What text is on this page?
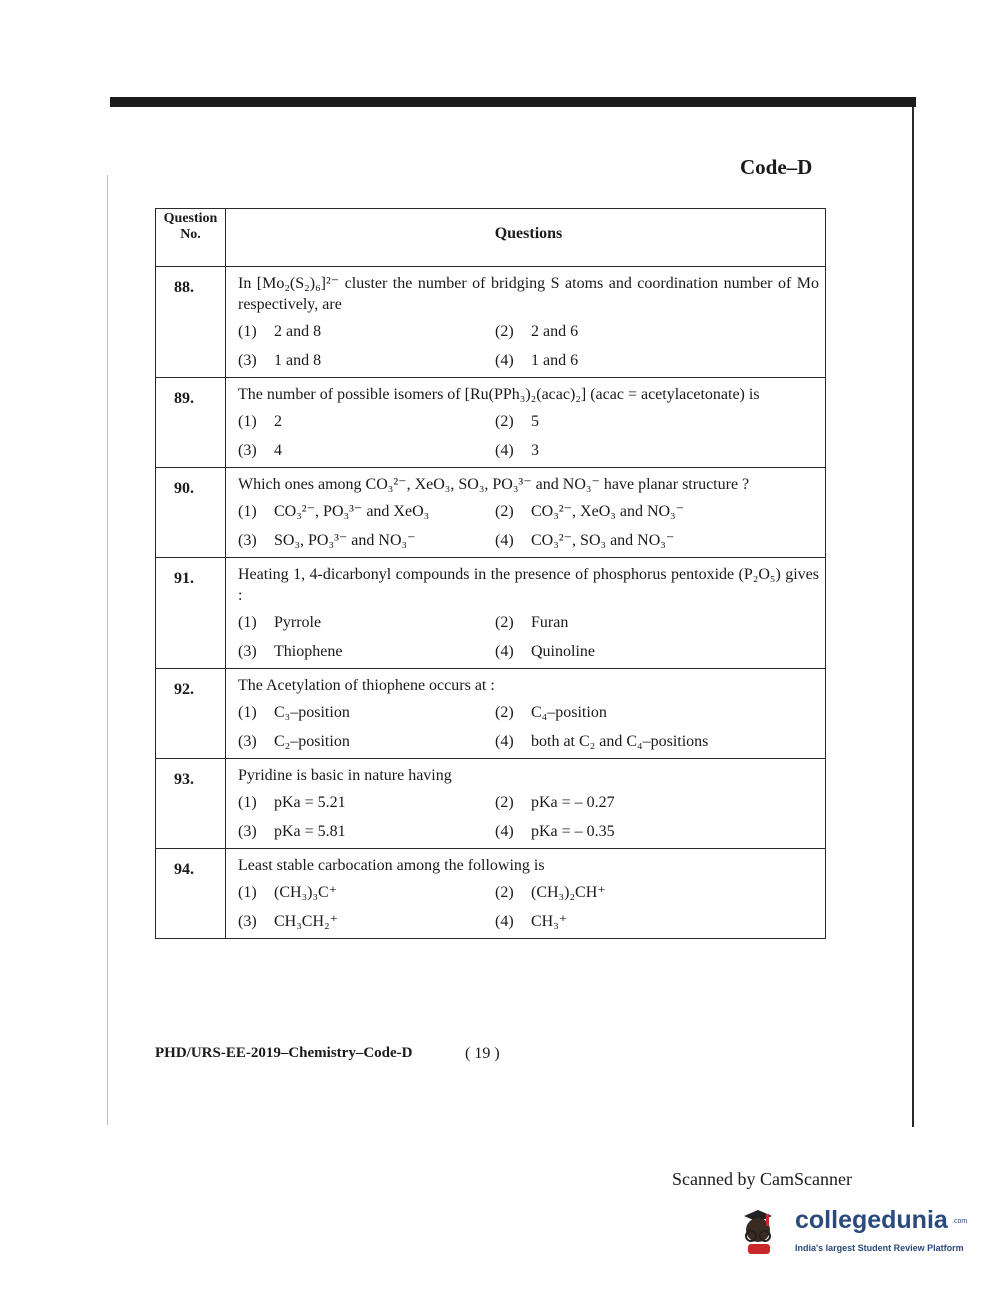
Code–D
Question No.	Questions
88.	In [Mo₂(S₂)₆]²⁻ cluster the number of bridging S atoms and coordination number of Mo respectively, are
(1) 2 and 8 (2) 2 and 6
(3) 1 and 8 (4) 1 and 6

89.	The number of possible isomers of [Ru(PPh₃)₂(acac)₂] (acac = acetylacetonate) is
(1) 2 (2) 5
(3) 4 (4) 3

90.	Which ones among CO₃²⁻, XeO₃, SO₃, PO₃³⁻ and NO₃⁻ have planar structure ?
(1) CO₃²⁻, PO₃³⁻ and XeO₃ (2) CO₃²⁻, XeO₃ and NO₃⁻
(3) SO₃, PO₃³⁻ and NO₃⁻ (4) CO₃²⁻, SO₃ and NO₃⁻

91.	Heating 1, 4-dicarbonyl compounds in the presence of phosphorus pentoxide (P₂O₅) gives :
(1) Pyrrole (2) Furan
(3) Thiophene (4) Quinoline

92.	The Acetylation of thiophene occurs at :
(1) C₃–position (2) C₄–position
(3) C₂–position (4) both at C₂ and C₄–positions

93.	Pyridine is basic in nature having
(1) pKa = 5.21 (2) pKa = – 0.27
(3) pKa = 5.81 (4) pKa = – 0.35

94.	Least stable carbocation among the following is
(1) (CH₃)₃C⁺ (2) (CH₃)₂CH⁺
(3) CH₃CH₂⁺ (4) CH₃⁺
PHD/URS-EE-2019–Chemistry–Code-D	( 19 )
Scanned by CamScanner
collegedunia .com
India's largest Student Review Platform
